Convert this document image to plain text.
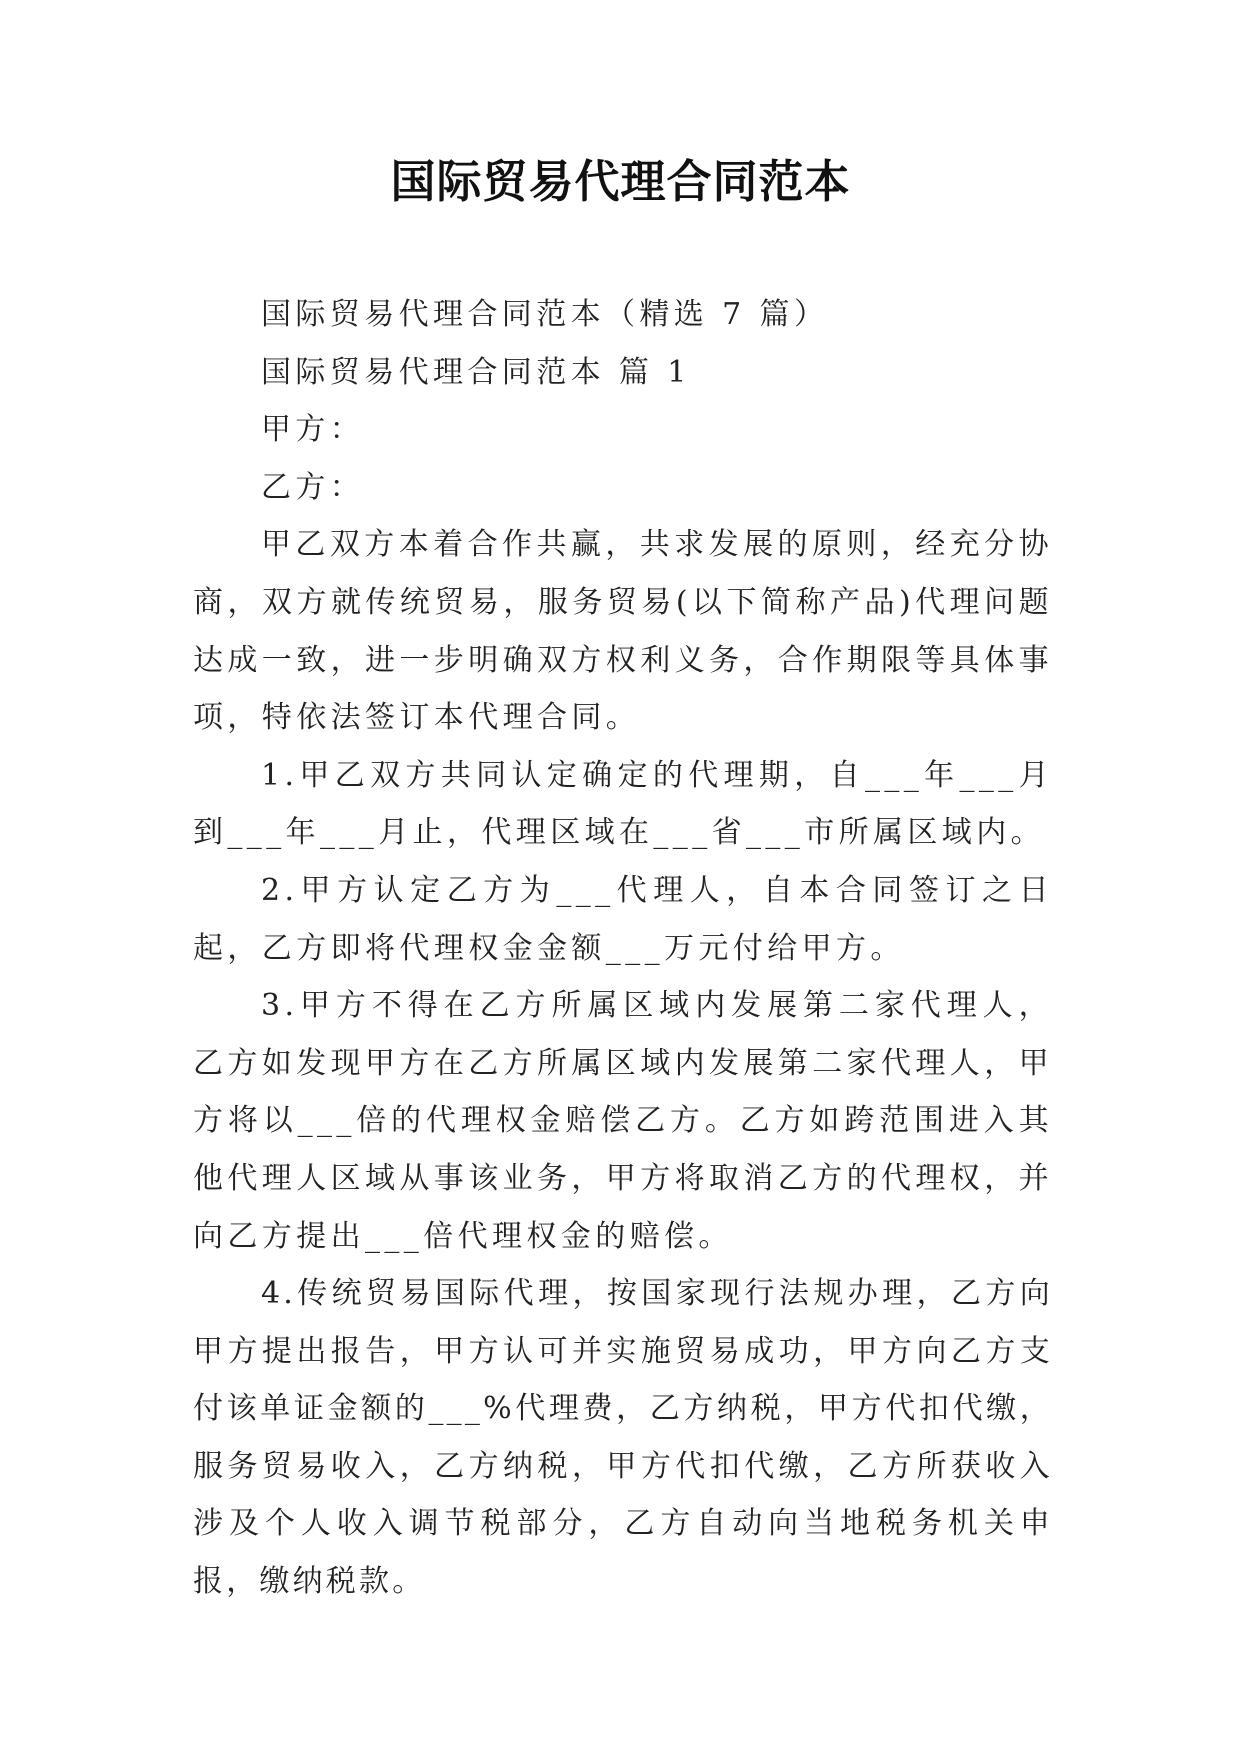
国际贸易代理合同范本

国际贸易代理合同范本（精选 7 篇）

国际贸易代理合同范本 篇 1

甲方：

乙方：

甲乙双方本着合作共赢，共求发展的原则，经充分协商，双方就传统贸易，服务贸易(以下简称产品)代理问题达成一致，进一步明确双方权利义务，合作期限等具体事项，特依法签订本代理合同。

1.甲乙双方共同认定确定的代理期，自___年___月到___年___月止，代理区域在___省___市所属区域内。

2.甲方认定乙方为___代理人，自本合同签订之日起，乙方即将代理权金金额___万元付给甲方。

3.甲方不得在乙方所属区域内发展第二家代理人，乙方如发现甲方在乙方所属区域内发展第二家代理人，甲方将以___倍的代理权金赔偿乙方。乙方如跨范围进入其他代理人区域从事该业务，甲方将取消乙方的代理权，并向乙方提出___倍代理权金的赔偿。

4.传统贸易国际代理，按国家现行法规办理，乙方向甲方提出报告，甲方认可并实施贸易成功，甲方向乙方支付该单证金额的___%代理费，乙方纳税，甲方代扣代缴，服务贸易收入，乙方纳税，甲方代扣代缴，乙方所获收入涉及个人收入调节税部分，乙方自动向当地税务机关申报，缴纳税款。
